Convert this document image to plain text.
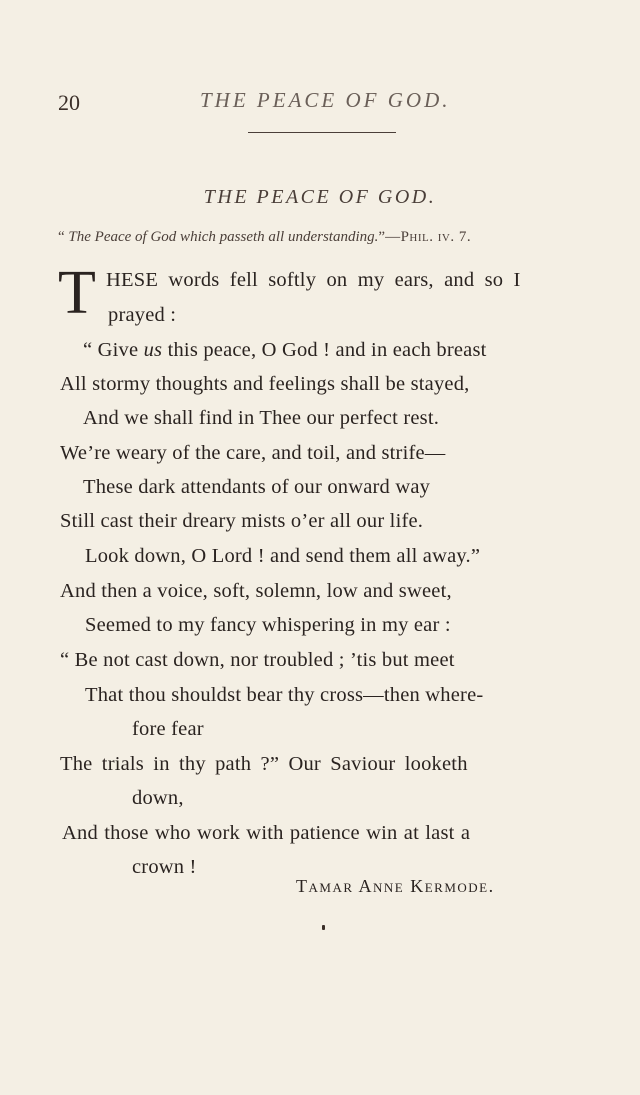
20	THE PEACE OF GOD.
THE PEACE OF GOD.
“ The Peace of God which passeth all understanding.”—Phil. iv. 7.
T HESE words fell softly on my ears, and so I
prayed :
“ Give us this peace, O God ! and in each breast
All stormy thoughts and feelings shall be stayed,
And we shall find in Thee our perfect rest.
We’re weary of the care, and toil, and strife—
These dark attendants of our onward way
Still cast their dreary mists o’er all our life.
Look down, O Lord ! and send them all away.”
And then a voice, soft, solemn, low and sweet,
Seemed to my fancy whispering in my ear :
“ Be not cast down, nor troubled ; ’tis but meet
That thou shouldst bear thy cross—then where-
fore fear
The trials in thy path ?” Our Saviour looketh
down,
And those who work with patience win at last a
crown !
Tamar Anne Kermode.
